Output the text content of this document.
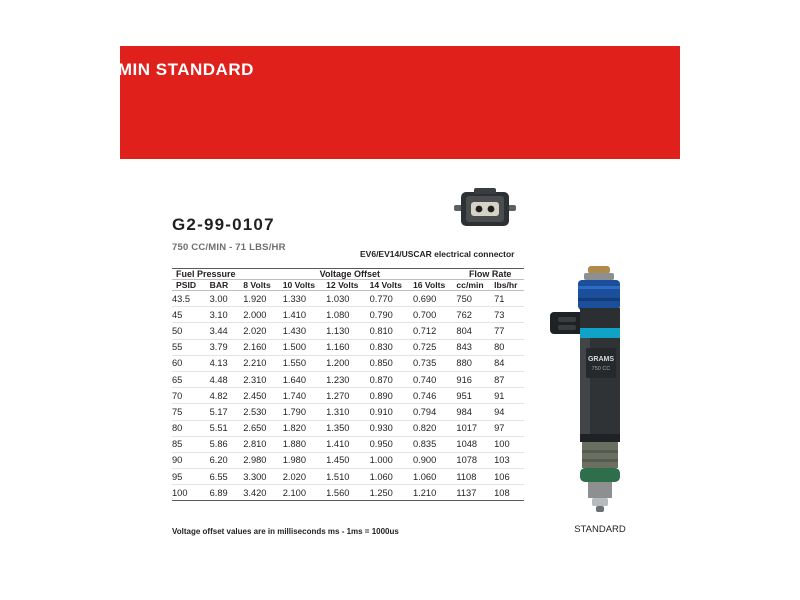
750 CC/MIN STANDARD
G2-99-0107
750 CC/MIN - 71 LBS/HR
EV6/EV14/USCAR electrical connector
Fuel Pressure		Voltage Offset					Flow Rate	
PSID	BAR	8 Volts	10 Volts	12 Volts	14 Volts	16 Volts	cc/min	lbs/hr
43.5	3.00	1.920	1.330	1.030	0.770	0.690	750	71
45	3.10	2.000	1.410	1.080	0.790	0.700	762	73
50	3.44	2.020	1.430	1.130	0.810	0.712	804	77
55	3.79	2.160	1.500	1.160	0.830	0.725	843	80
60	4.13	2.210	1.550	1.200	0.850	0.735	880	84
65	4.48	2.310	1.640	1.230	0.870	0.740	916	87
70	4.82	2.450	1.740	1.270	0.890	0.746	951	91
75	5.17	2.530	1.790	1.310	0.910	0.794	984	94
80	5.51	2.650	1.820	1.350	0.930	0.820	1017	97
85	5.86	2.810	1.880	1.410	0.950	0.835	1048	100
90	6.20	2.980	1.980	1.450	1.000	0.900	1078	103
95	6.55	3.300	2.020	1.510	1.060	1.060	1108	106
100	6.89	3.420	2.100	1.560	1.250	1.210	1137	108
Voltage offset values are in milliseconds ms - 1ms = 1000us
GRAMS
750 CC
STANDARD
